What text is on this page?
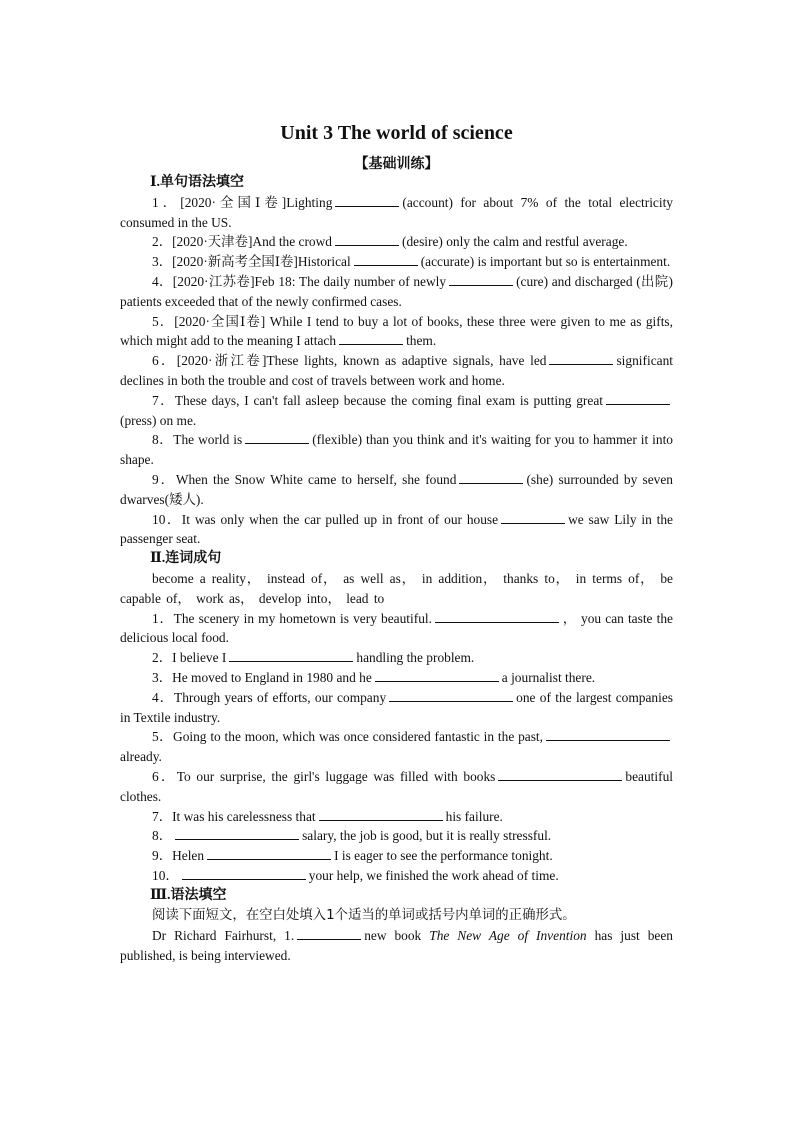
Unit 3 The world of science
【基础训练】
Ⅰ.单句语法填空
1．[2020·全国Ⅰ卷]Lighting	(account) for about 7% of the total electricity consumed in the US.
2．[2020·天津卷]And the crowd	(desire) only the calm and restful average.
3．[2020·新高考全国Ⅰ卷]Historical	(accurate) is important but so is entertainment.
4．[2020·江苏卷]Feb 18: The daily number of newly	(cure) and discharged (出院) patients exceeded that of the newly confirmed cases.
5．[2020·全国Ⅰ卷] While I tend to buy a lot of books, these three were given to me as gifts, which might add to the meaning I attach	them.
6．[2020·浙江卷]These lights, known as adaptive signals, have led	significant declines in both the trouble and cost of travels between work and home.
7．These days, I can't fall asleep because the coming final exam is putting great(press) on me.
8．The world is	(flexible) than you think and it's waiting for you to hammer it into shape.
9．When the Snow White came to herself, she found	(she) surrounded by seven dwarves(矮人).
10．It was only when the car pulled up in front of our house	we saw Lily in the passenger seat.
Ⅱ.连词成句
become a reality， instead of， as well as， in addition， thanks to， in terms of， be capable of， work as， develop into， lead to
1．The scenery in my hometown is very beautiful.	， you can taste the delicious local food.
2．I believe I	handling the problem.
3．He moved to England in 1980 and he	a journalist there.
4．Through years of efforts, our company	one of the largest companies in Textile industry.
5．Going to the moon, which was once considered fantastic in the past,already.
6．To our surprise, the girl's luggage was filled with books	beautiful clothes.
7．It was his carelessness that	his failure.
8．	salary, the job is good, but it is really stressful.
9．Helen	I is eager to see the performance tonight.
10．	your help, we finished the work ahead of time.
Ⅲ.语法填空
阅读下面短文，在空白处填入1个适当的单词或括号内单词的正确形式。
Dr Richard Fairhurst, 1.	new book The New Age of Invention has just been published, is being interviewed.
